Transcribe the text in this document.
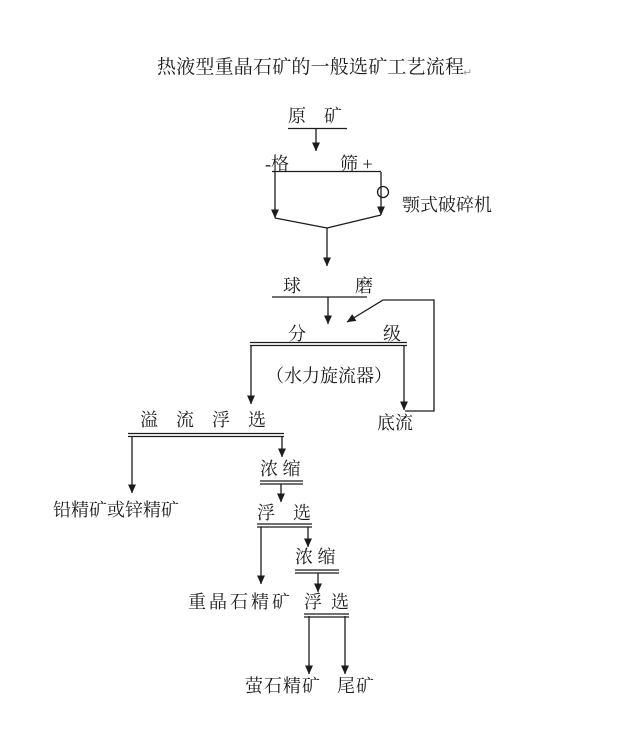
热液型重晶石矿的一般选矿工艺流程
↵
原　矿
-格	筛 +
颚式破碎机
球　　　磨
分　　　　级
（水力旋流器）
溢　流　浮　选	底流
铅精矿或锌精矿
浓 缩
浮　选
重晶石精矿
浓 缩
浮  选
萤石精矿 尾矿
